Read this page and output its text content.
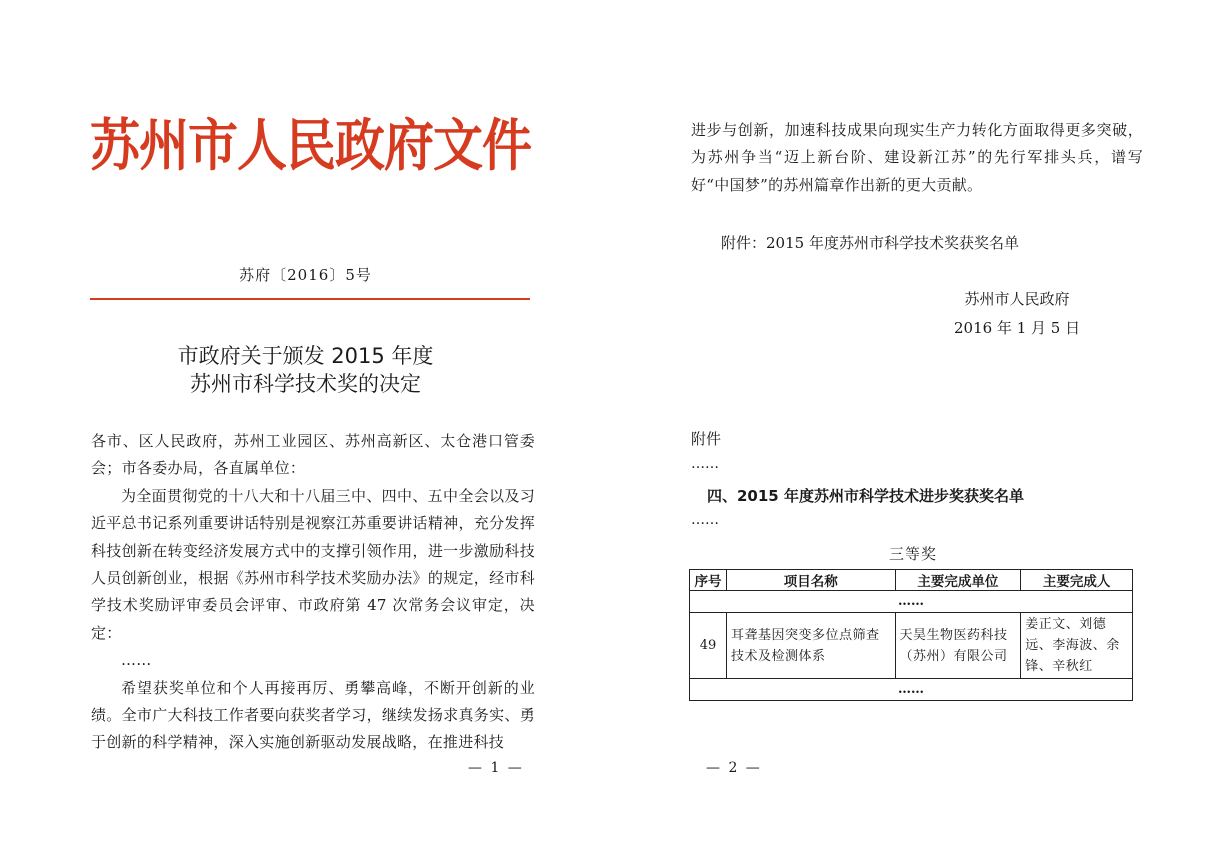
苏州市人民政府文件
苏府〔2016〕5号
市政府关于颁发 2015 年度
苏州市科学技术奖的决定

各市、区人民政府，苏州工业园区、苏州高新区、太仓港口管委会；市各委办局，各直属单位：

为全面贯彻党的十八大和十八届三中、四中、五中全会以及习近平总书记系列重要讲话特别是视察江苏重要讲话精神，充分发挥科技创新在转变经济发展方式中的支撑引领作用，进一步激励科技人员创新创业，根据《苏州市科学技术奖励办法》的规定，经市科学技术奖励评审委员会评审、市政府第 47 次常务会议审定，决定：

……

希望获奖单位和个人再接再厉、勇攀高峰，不断开创新的业绩。全市广大科技工作者要向获奖者学习，继续发扬求真务实、勇于创新的科学精神，深入实施创新驱动发展战略，在推进科技

— 1 —

进步与创新，加速科技成果向现实生产力转化方面取得更多突破，为苏州争当“迈上新台阶、建设新江苏”的先行军排头兵，谱写好“中国梦”的苏州篇章作出新的更大贡献。

附件：2015 年度苏州市科学技术奖获奖名单
苏州市人民政府
2016 年 1 月 5 日
附件
……
四、2015 年度苏州市科学技术进步奖获奖名单
……
三等奖
序号	项目名称	主要完成单位	主要完成人
……			
49	耳聋基因突变多位点筛查技术及检测体系	天昊生物医药科技（苏州）有限公司	姜正文、刘德远、李海波、余 锋、辛秋红
……			
— 2 —
